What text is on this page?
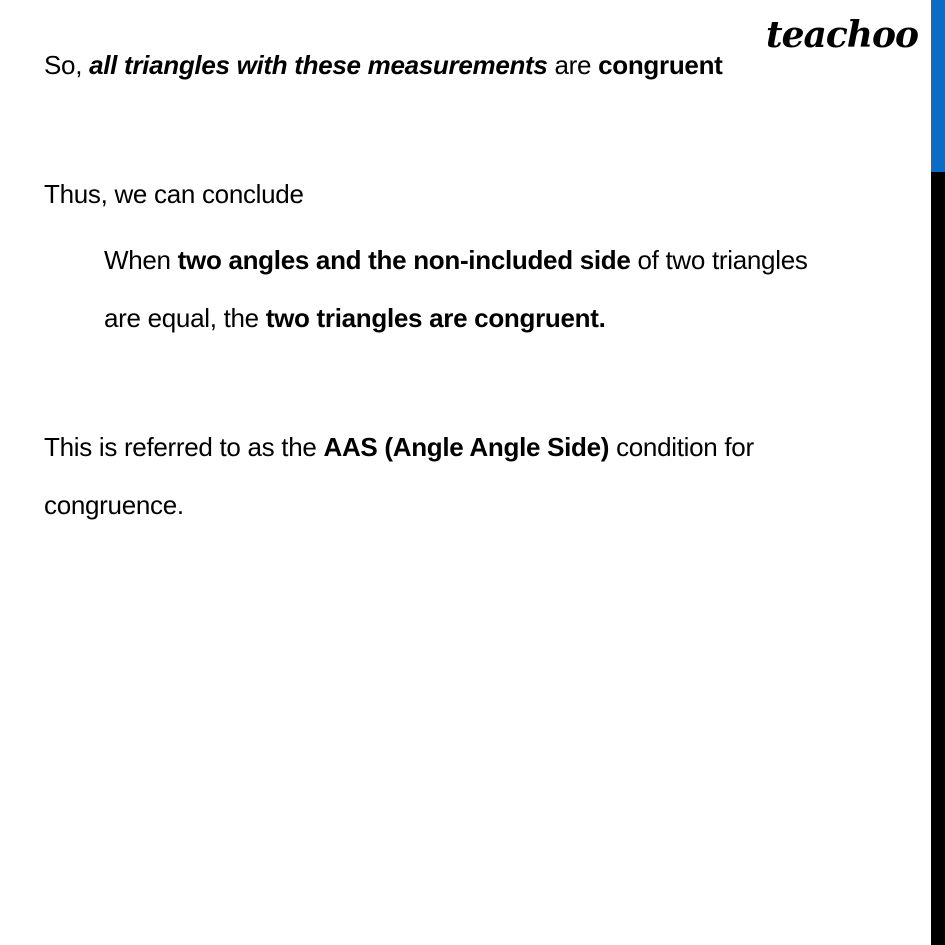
teachoo
So, all triangles with these measurements are congruent
Thus, we can conclude
When two angles and the non-included side of two triangles
are equal, the two triangles are congruent.
This is referred to as the AAS (Angle Angle Side) condition for
congruence.
